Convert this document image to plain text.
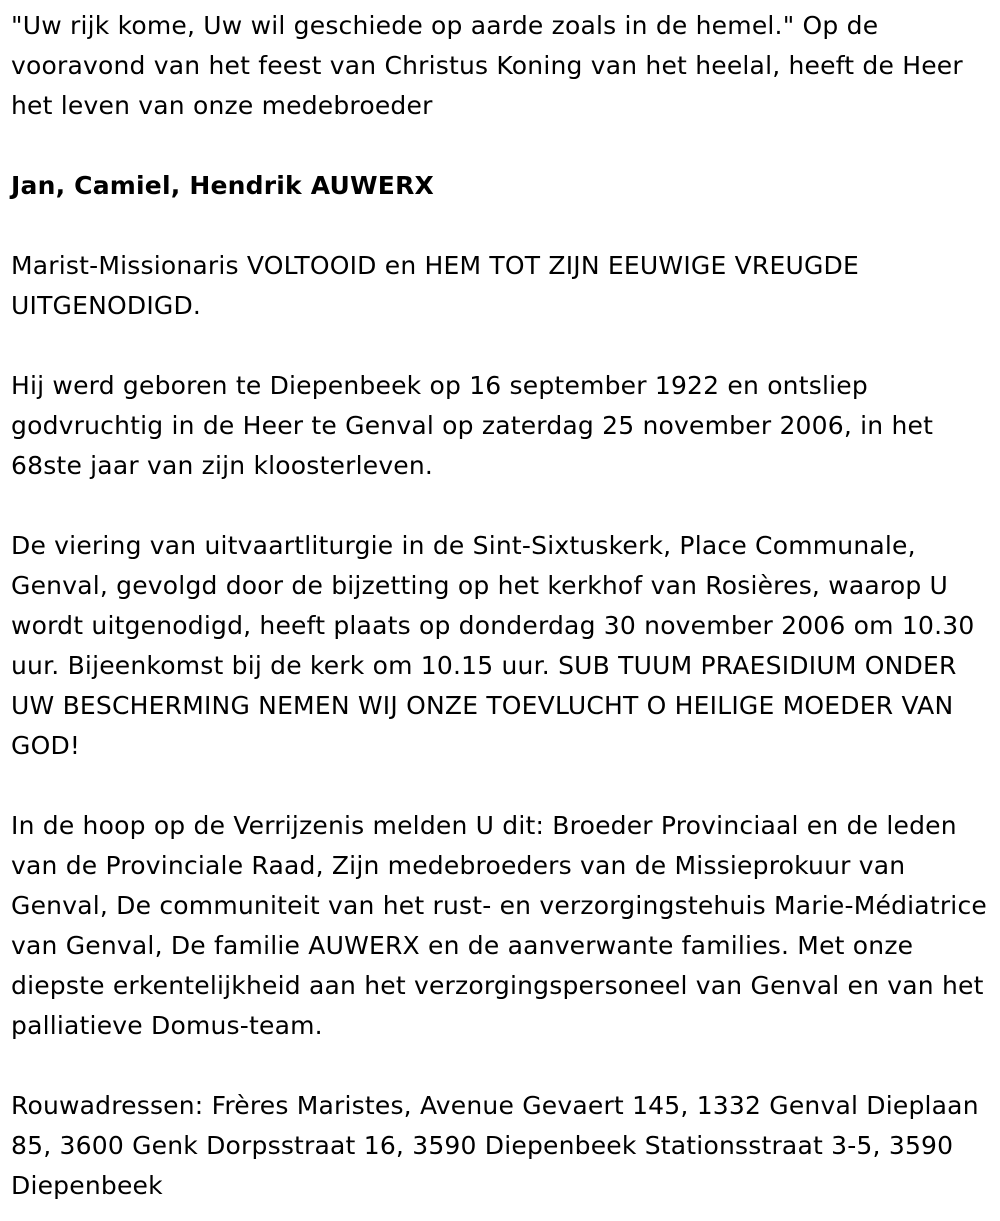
"Uw rijk kome, Uw wil geschiede op aarde zoals in de hemel." Op de vooravond van het feest van Christus Koning van het heelal, heeft de Heer het leven van onze medebroeder

Jan, Camiel, Hendrik AUWERX

Marist-Missionaris VOLTOOID en HEM TOT ZIJN EEUWIGE VREUGDE UITGENODIGD.

Hij werd geboren te Diepenbeek op 16 september 1922 en ontsliep godvruchtig in de Heer te Genval op zaterdag 25 november 2006, in het 68ste jaar van zijn kloosterleven.

De viering van uitvaartliturgie in de Sint-Sixtuskerk, Place Communale, Genval, gevolgd door de bijzetting op het kerkhof van Rosières, waarop U wordt uitgenodigd, heeft plaats op donderdag 30 november 2006 om 10.30 uur. Bijeenkomst bij de kerk om 10.15 uur. SUB TUUM PRAESIDIUM ONDER UW BESCHERMING NEMEN WIJ ONZE TOEVLUCHT O HEILIGE MOEDER VAN GOD!

In de hoop op de Verrijzenis melden U dit: Broeder Provinciaal en de leden van de Provinciale Raad, Zijn medebroeders van de Missieprokuur van Genval, De communiteit van het rust- en verzorgingstehuis Marie-Médiatrice van Genval, De familie AUWERX en de aanverwante families. Met onze diepste erkentelijkheid aan het verzorgingspersoneel van Genval en van het palliatieve Domus-team.

Rouwadressen: Frères Maristes, Avenue Gevaert 145, 1332 Genval Dieplaan 85, 3600 Genk Dorpsstraat 16, 3590 Diepenbeek Stationsstraat 3-5, 3590 Diepenbeek
